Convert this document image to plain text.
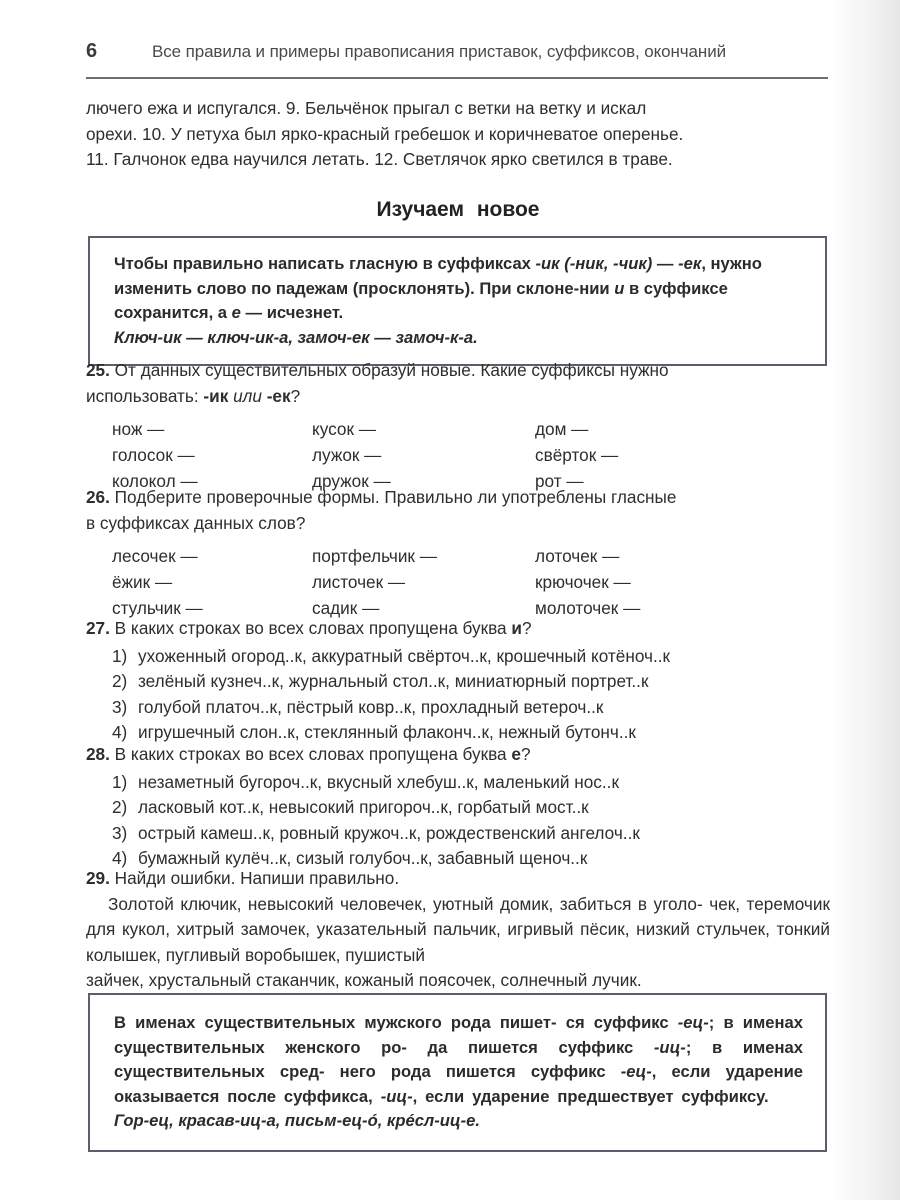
6	Все правила и примеры правописания приставок, суффиксов, окончаний
лючего ежа и испугался. 9. Бельчёнок прыгал с ветки на ветку и искал
орехи. 10. У петуха был ярко-красный гребешок и коричневатое оперенье.
11. Галчонок едва научился летать. 12. Светлячок ярко светился в траве.
Изучаем новое

Чтобы правильно написать гласную в суффиксах -ик (-ник, -чик) — -ек, нужно изменить слово по падежам (просклонять). При склоне-нии и в суффиксе сохранится, а е — исчезнет.

Ключ-ик — ключ-ик-а, замоч-ек — замоч-к-а.

25. От данных существительных образуй новые. Какие суффиксы нужно
использовать: -ик или -ек?

нож —
голосок —
колокол —
кусок —
лужок —
дружок —
дом —
свёрток —
рот —

26. Подберите проверочные формы. Правильно ли употреблены гласные
в суффиксах данных слов?

лесочек —
ёжик —
стульчик —
портфельчик —
листочек —
садик —
лоточек —
крючочек —
молоточек —

27. В каких строках во всех словах пропущена буква и?

1) ухоженный огород..к, аккуратный свёрточ..к, крошечный котёноч..к
2) зелёный кузнеч..к, журнальный стол..к, миниатюрный портрет..к
3) голубой платоч..к, пёстрый ковр..к, прохладный ветероч..к
4) игрушечный слон..к, стеклянный флаконч..к, нежный бутонч..к

28. В каких строках во всех словах пропущена буква е?

1) незаметный бугороч..к, вкусный хлебуш..к, маленький нос..к
2) ласковый кот..к, невысокий пригороч..к, горбатый мост..к
3) острый камеш..к, ровный кружоч..к, рождественский ангелоч..к
4) бумажный кулёч..к, сизый голубоч..к, забавный щеноч..к

29. Найди ошибки. Напиши правильно.

Золотой ключик, невысокий человечек, уютный домик, забиться в уголо- чек, теремочик для кукол, хитрый замочек, указательный пальчик, игривый пёсик, низкий стульчек, тонкий колышек, пугливый воробышек, пушистый
зайчек, хрустальный стаканчик, кожаный поясочек, солнечный лучик.

В именах существительных мужского рода пишет- ся суффикс -ец-; в именах существительных женского ро- да пишется суффикс -иц-; в именах существительных сред- него рода пишется суффикс -ец-, если ударение оказывается после суффикса, -иц-, если ударение предшествует суффиксу.

Гор-ец, красав-иц-а, письм-ец-ó, крéсл-иц-е.
